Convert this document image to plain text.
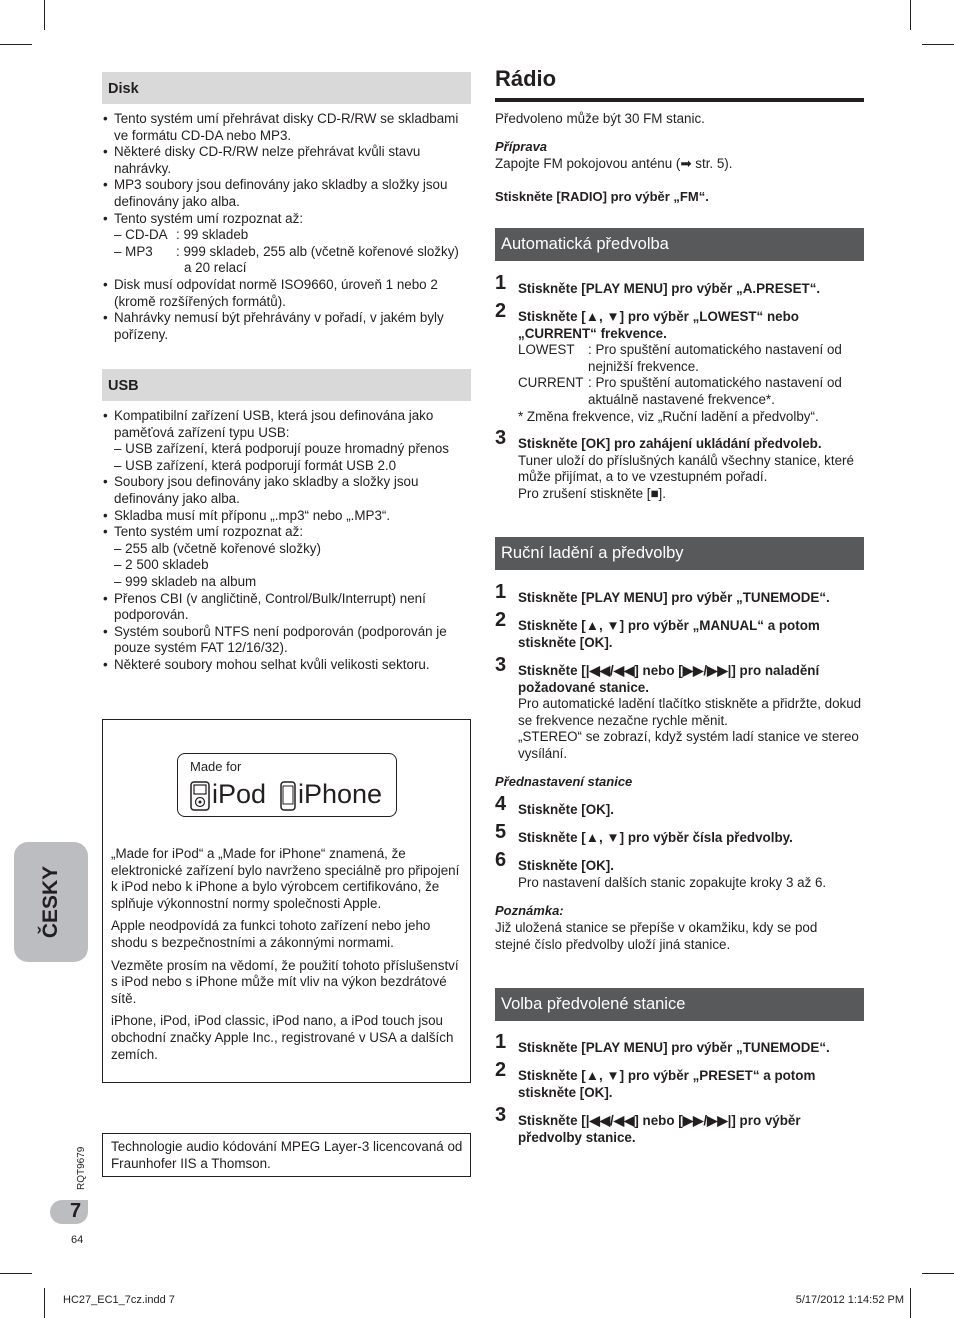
Disk
• Tento systém umí přehrávat disky CD-R/RW se skladbami ve formátu CD-DA nebo MP3.
• Některé disky CD-R/RW nelze přehrávat kvůli stavu nahrávky.
• MP3 soubory jsou definovány jako skladby a složky jsou definovány jako alba.
• Tento systém umí rozpoznat až:
– CD-DA : 99 skladeb
– MP3	: 999 skladeb, 255 alb (včetně kořenové složky)
a 20 relací
• Disk musí odpovídat normě ISO9660, úroveň 1 nebo 2 (kromě rozšířených formátů).
• Nahrávky nemusí být přehrávány v pořadí, v jakém byly pořízeny.
USB
• Kompatibilní zařízení USB, která jsou definována jako paměťová zařízení typu USB:
– USB zařízení, která podporují pouze hromadný přenos
– USB zařízení, která podporují formát USB 2.0
• Soubory jsou definovány jako skladby a složky jsou definovány jako alba.
• Skladba musí mít příponu „.mp3“ nebo „.MP3“.
• Tento systém umí rozpoznat až:
– 255 alb (včetně kořenové složky)
– 2 500 skladeb
– 999 skladeb na album
• Přenos CBI (v angličtině, Control/Bulk/Interrupt) není podporován.
• Systém souborů NTFS není podporován (podporován je pouze systém FAT 12/16/32).
• Některé soubory mohou selhat kvůli velikosti sektoru.
Made for
iPod iPhone

„Made for iPod“ a „Made for iPhone“ znamená, že elektronické zařízení bylo navrženo speciálně pro připojení k iPod nebo k iPhone a bylo výrobcem certifikováno, že splňuje výkonnostní normy společnosti Apple.

Apple neodpovídá za funkci tohoto zařízení nebo jeho shodu s bezpečnostními a zákonnými normami.

Vezměte prosím na vědomí, že použití tohoto příslušenství s iPod nebo s iPhone může mít vliv na výkon bezdrátové sítě.

iPhone, iPod, iPod classic, iPod nano, a iPod touch jsou obchodní značky Apple Inc., registrované v USA a dalších zemích.

Technologie audio kódování MPEG Layer-3 licencovaná od Fraunhofer IIS a Thomson.
ČESKY
RQT9679
7
64
Rádio
Předvoleno může být 30 FM stanic.
Příprava
Zapojte FM pokojovou anténu (➡ str. 5).
Stiskněte [RADIO] pro výběr „FM“.
Automatická předvolba
1 Stiskněte [PLAY MENU] pro výběr „A.PRESET“.
2 Stiskněte [▲, ▼] pro výběr „LOWEST“ nebo „CURRENT“ frekvence.
LOWEST	: Pro spuštění automatického nastavení od nejnižší frekvence.
CURRENT : Pro spuštění automatického nastavení od aktuálně nastavené frekvence*.
* Změna frekvence, viz „Ruční ladění a předvolby“.
3 Stiskněte [OK] pro zahájení ukládání předvoleb.
Tuner uloží do příslušných kanálů všechny stanice, které může přijímat, a to ve vzestupném pořadí.
Pro zrušení stiskněte [■].
Ruční ladění a předvolby
1 Stiskněte [PLAY MENU] pro výběr „TUNEMODE“.
2 Stiskněte [▲, ▼] pro výběr „MANUAL“ a potom stiskněte [OK].
3 Stiskněte [|◀◀/◀◀] nebo [▶▶/▶▶|] pro naladění požadované stanice.
Pro automatické ladění tlačítko stiskněte a přidržte, dokud se frekvence nezačne rychle měnit.
„STEREO“ se zobrazí, když systém ladí stanice ve stereo vysílání.
Přednastavení stanice
4 Stiskněte [OK].
5 Stiskněte [▲, ▼] pro výběr čísla předvolby.
6 Stiskněte [OK].
Pro nastavení dalších stanic zopakujte kroky 3 až 6.
Poznámka:
Již uložená stanice se přepíše v okamžiku, kdy se pod stejné číslo předvolby uloží jiná stanice.
Volba předvolené stanice
1 Stiskněte [PLAY MENU] pro výběr „TUNEMODE“.
2 Stiskněte [▲, ▼] pro výběr „PRESET“ a potom stiskněte [OK].
3 Stiskněte [|◀◀/◀◀] nebo [▶▶/▶▶|] pro výběr předvolby stanice.
HC27_EC1_7cz.indd 7	5/17/2012 1:14:52 PM
